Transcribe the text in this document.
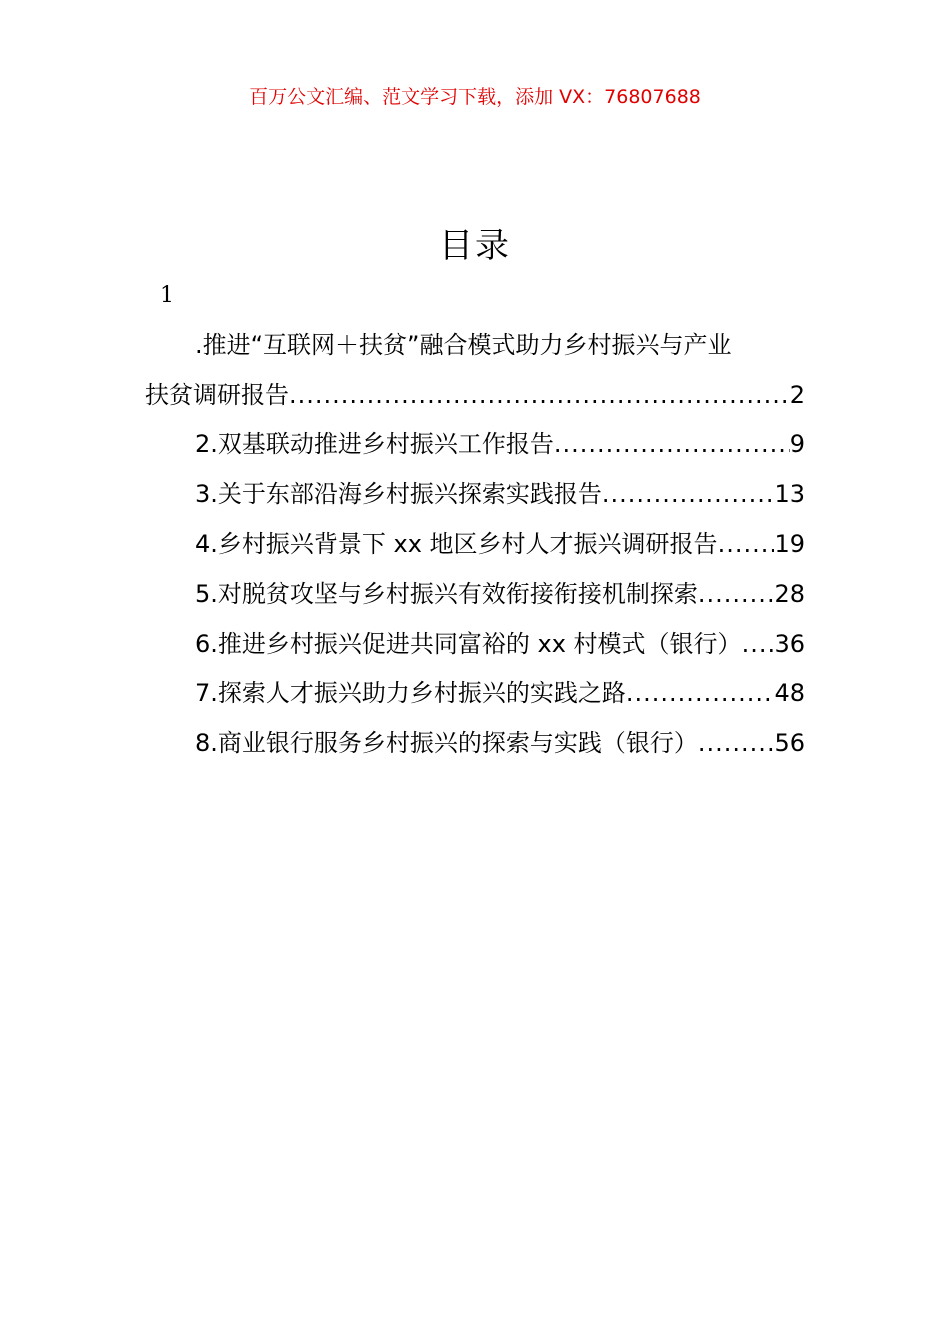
百万公文汇编、范文学习下载，添加 VX：76807688
目录
1
.推进“互联网＋扶贫”融合模式助力乡村振兴与产业
扶贫调研报告 .....	2
2.双基联动推进乡村振兴工作报告 .....	9
3.关于东部沿海乡村振兴探索实践报告 .....	13
4.乡村振兴背景下 xx 地区乡村人才振兴调研报告 ..... 19
5.对脱贫攻坚与乡村振兴有效衔接衔接机制探索 .....	28
6.推进乡村振兴促进共同富裕的 xx 村模式（银行） ..... 36
7.探索人才振兴助力乡村振兴的实践之路 .....	48
8.商业银行服务乡村振兴的探索与实践（银行） .....	56
